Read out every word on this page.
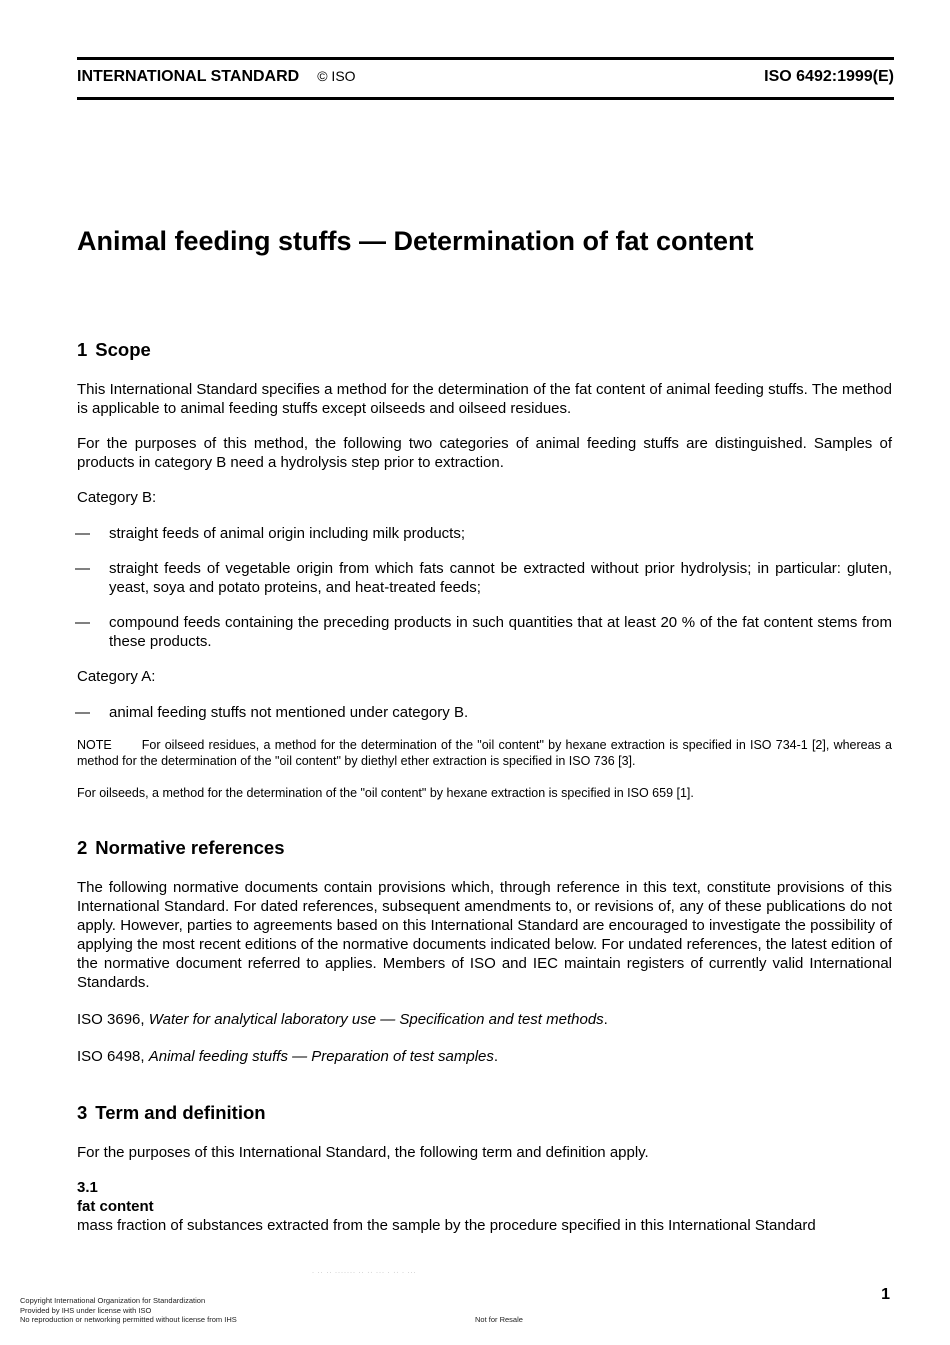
INTERNATIONAL STANDARD © ISO	ISO 6492:1999(E)
Animal feeding stuffs — Determination of fat content
1 Scope

This International Standard specifies a method for the determination of the fat content of animal feeding stuffs. The method is applicable to animal feeding stuffs except oilseeds and oilseed residues.

For the purposes of this method, the following two categories of animal feeding stuffs are distinguished. Samples of products in category B need a hydrolysis step prior to extraction.

Category B:

— straight feeds of animal origin including milk products;
— straight feeds of vegetable origin from which fats cannot be extracted without prior hydrolysis; in particular: gluten, yeast, soya and potato proteins, and heat-treated feeds;
— compound feeds containing the preceding products in such quantities that at least 20 % of the fat content stems from these products.

Category A:

— animal feeding stuffs not mentioned under category B.

NOTE For oilseed residues, a method for the determination of the "oil content" by hexane extraction is specified in ISO 734-1 [2], whereas a method for the determination of the "oil content" by diethyl ether extraction is specified in ISO 736 [3].

For oilseeds, a method for the determination of the "oil content" by hexane extraction is specified in ISO 659 [1].

2 Normative references

The following normative documents contain provisions which, through reference in this text, constitute provisions of this International Standard. For dated references, subsequent amendments to, or revisions of, any of these publications do not apply. However, parties to agreements based on this International Standard are encouraged to investigate the possibility of applying the most recent editions of the normative documents indicated below. For undated references, the latest edition of the normative document referred to applies. Members of ISO and IEC maintain registers of currently valid International Standards.

ISO 3696, Water for analytical laboratory use — Specification and test methods.

ISO 6498, Animal feeding stuffs — Preparation of test samples.

3 Term and definition

For the purposes of this International Standard, the following term and definition apply.

3.1

fat content

mass fraction of substances extracted from the sample by the procedure specified in this International Standard

· ·· ·· ······· ·· ·· ··· · ·· · ···
Copyright International Organization for Standardization
Provided by IHS under license with ISO
No reproduction or networking permitted without license from IHS	Not for Resale
1
